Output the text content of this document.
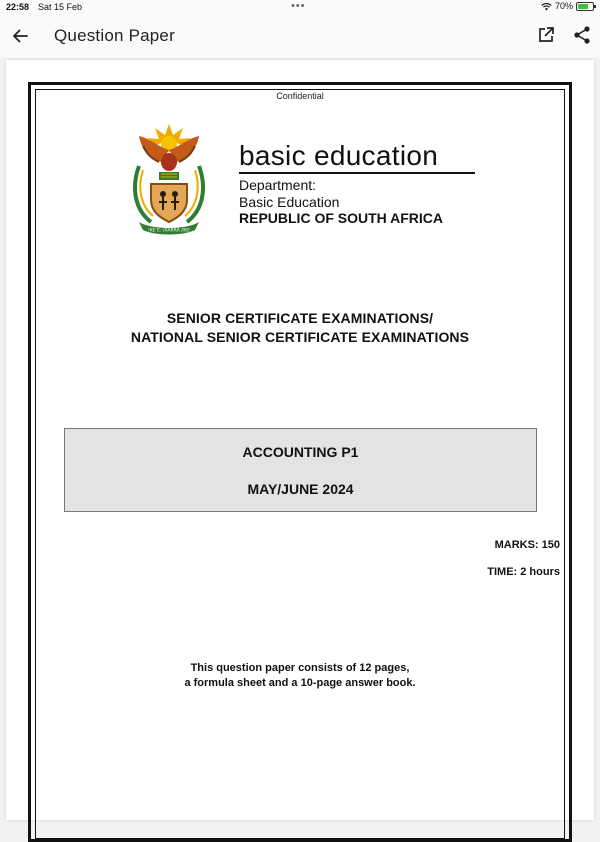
22:58 Sat 15 Feb	•••	70%
Question Paper
Confidential
!KE E: /XARRA //KE
basic education
Department:
Basic Education
REPUBLIC OF SOUTH AFRICA
SENIOR CERTIFICATE EXAMINATIONS/
NATIONAL SENIOR CERTIFICATE EXAMINATIONS
ACCOUNTING P1
MAY/JUNE 2024
MARKS: 150
TIME: 2 hours
This question paper consists of 12 pages,
a formula sheet and a 10-page answer book.
